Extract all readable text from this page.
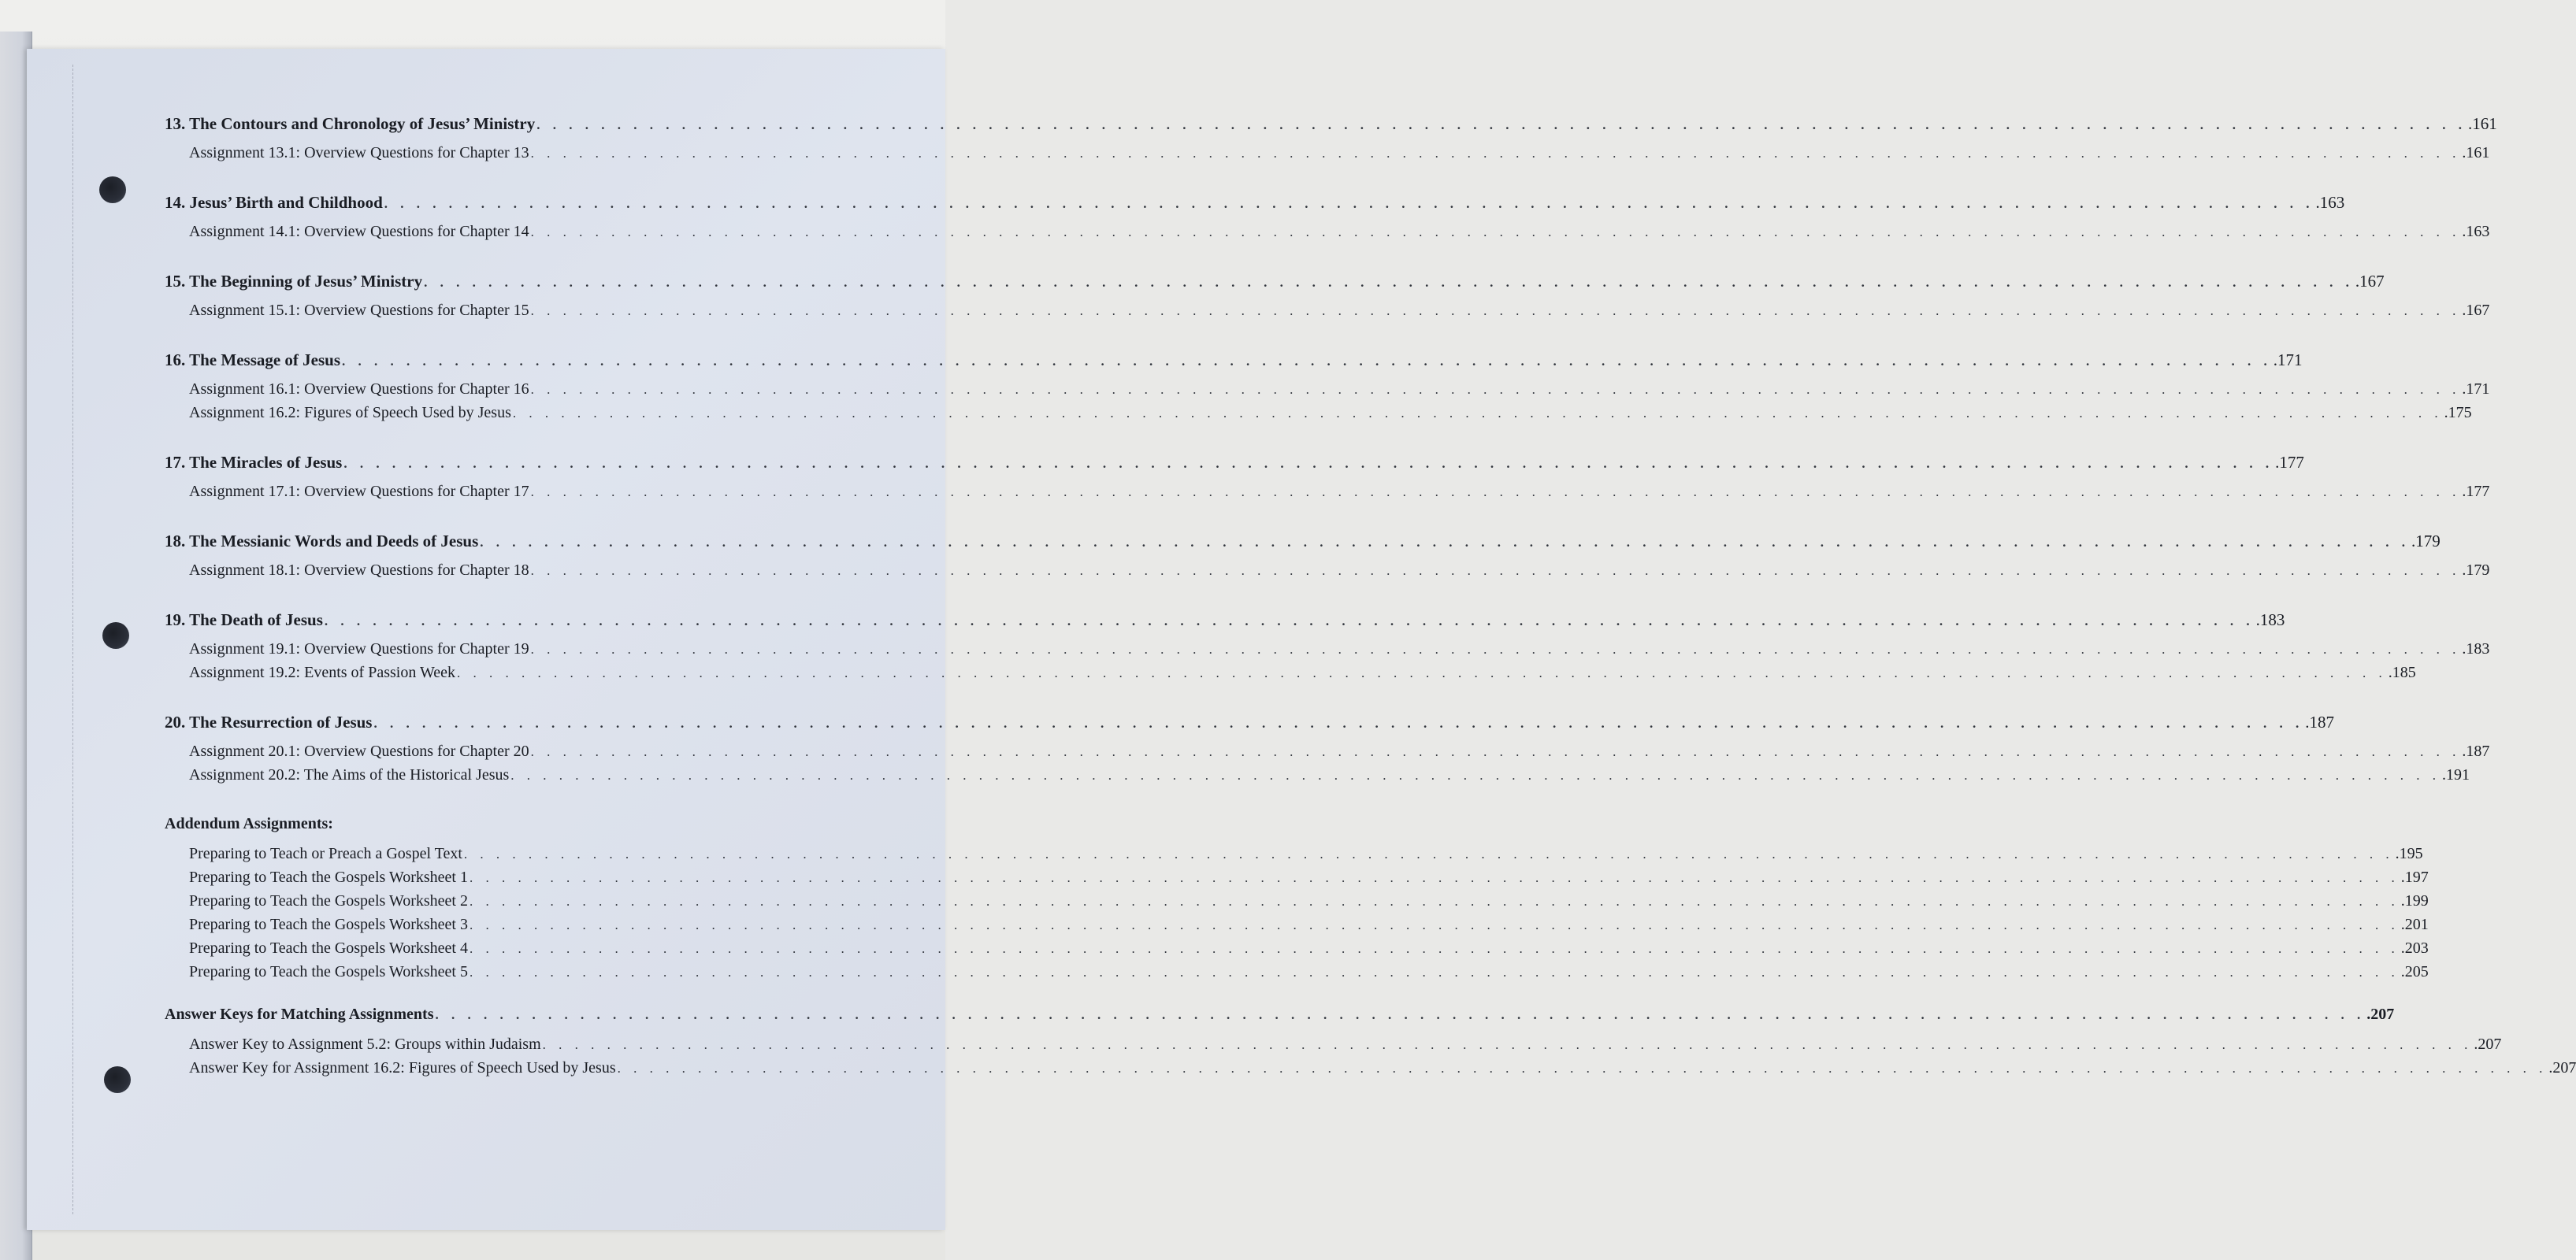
13. The Contours and Chronology of Jesus’ Ministry . . . . . . . . . . . . . . . . . . . . . . . . . . . . . . . . . . . . . . . . . . . . . . . . . . . . . . . . . . . . . . . . . . . . . . . . . . . . . . . . . . . . . . . . . . . . . . . . . . . . . . . . . . . . . . . . . . . . . . . . .161
Assignment 13.1: Overview Questions for Chapter 13 . . . . . . . . . . . . . . . . . . . . . . . . . . . . . . . . . . . . . . . . . . . . . . . . . . . . . . . . . . . . . . . . . . . . . . . . . . . . . . . . . . . . . . . . . . . . . . . . . . . . . . . . . . . . . . . . . . . . . . . . .161
14. Jesus’ Birth and Childhood . . . . . . . . . . . . . . . . . . . . . . . . . . . . . . . . . . . . . . . . . . . . . . . . . . . . . . . . . . . . . . . . . . . . . . . . . . . . . . . . . . . . . . . . . . . . . . . . . . . . . . . . . . . . . . . . . . . . . . . . .163
Assignment 14.1: Overview Questions for Chapter 14 . . . . . . . . . . . . . . . . . . . . . . . . . . . . . . . . . . . . . . . . . . . . . . . . . . . . . . . . . . . . . . . . . . . . . . . . . . . . . . . . . . . . . . . . . . . . . . . . . . . . . . . . . . . . . . . . . . . . . . . . .163
15. The Beginning of Jesus’ Ministry . . . . . . . . . . . . . . . . . . . . . . . . . . . . . . . . . . . . . . . . . . . . . . . . . . . . . . . . . . . . . . . . . . . . . . . . . . . . . . . . . . . . . . . . . . . . . . . . . . . . . . . . . . . . . . . . . . . . . . . . .167
Assignment 15.1: Overview Questions for Chapter 15 . . . . . . . . . . . . . . . . . . . . . . . . . . . . . . . . . . . . . . . . . . . . . . . . . . . . . . . . . . . . . . . . . . . . . . . . . . . . . . . . . . . . . . . . . . . . . . . . . . . . . . . . . . . . . . . . . . . . . . . . .167
16. The Message of Jesus . . . . . . . . . . . . . . . . . . . . . . . . . . . . . . . . . . . . . . . . . . . . . . . . . . . . . . . . . . . . . . . . . . . . . . . . . . . . . . . . . . . . . . . . . . . . . . . . . . . . . . . . . . . . . . . . . . . . . . . . .171
Assignment 16.1: Overview Questions for Chapter 16 . . . . . . . . . . . . . . . . . . . . . . . . . . . . . . . . . . . . . . . . . . . . . . . . . . . . . . . . . . . . . . . . . . . . . . . . . . . . . . . . . . . . . . . . . . . . . . . . . . . . . . . . . . . . . . . . . . . . . . . . .171
Assignment 16.2: Figures of Speech Used by Jesus . . . . . . . . . . . . . . . . . . . . . . . . . . . . . . . . . . . . . . . . . . . . . . . . . . . . . . . . . . . . . . . . . . . . . . . . . . . . . . . . . . . . . . . . . . . . . . . . . . . . . . . . . . . . . . . . . . . . . . . . .175
17. The Miracles of Jesus . . . . . . . . . . . . . . . . . . . . . . . . . . . . . . . . . . . . . . . . . . . . . . . . . . . . . . . . . . . . . . . . . . . . . . . . . . . . . . . . . . . . . . . . . . . . . . . . . . . . . . . . . . . . . . . . . . . . . . . . .177
Assignment 17.1: Overview Questions for Chapter 17 . . . . . . . . . . . . . . . . . . . . . . . . . . . . . . . . . . . . . . . . . . . . . . . . . . . . . . . . . . . . . . . . . . . . . . . . . . . . . . . . . . . . . . . . . . . . . . . . . . . . . . . . . . . . . . . . . . . . . . . . .177
18. The Messianic Words and Deeds of Jesus . . . . . . . . . . . . . . . . . . . . . . . . . . . . . . . . . . . . . . . . . . . . . . . . . . . . . . . . . . . . . . . . . . . . . . . . . . . . . . . . . . . . . . . . . . . . . . . . . . . . . . . . . . . . . . . . . . . . . . . . .179
Assignment 18.1: Overview Questions for Chapter 18 . . . . . . . . . . . . . . . . . . . . . . . . . . . . . . . . . . . . . . . . . . . . . . . . . . . . . . . . . . . . . . . . . . . . . . . . . . . . . . . . . . . . . . . . . . . . . . . . . . . . . . . . . . . . . . . . . . . . . . . . .179
19. The Death of Jesus . . . . . . . . . . . . . . . . . . . . . . . . . . . . . . . . . . . . . . . . . . . . . . . . . . . . . . . . . . . . . . . . . . . . . . . . . . . . . . . . . . . . . . . . . . . . . . . . . . . . . . . . . . . . . . . . . . . . . . . . .183
Assignment 19.1: Overview Questions for Chapter 19 . . . . . . . . . . . . . . . . . . . . . . . . . . . . . . . . . . . . . . . . . . . . . . . . . . . . . . . . . . . . . . . . . . . . . . . . . . . . . . . . . . . . . . . . . . . . . . . . . . . . . . . . . . . . . . . . . . . . . . . . .183
Assignment 19.2: Events of Passion Week . . . . . . . . . . . . . . . . . . . . . . . . . . . . . . . . . . . . . . . . . . . . . . . . . . . . . . . . . . . . . . . . . . . . . . . . . . . . . . . . . . . . . . . . . . . . . . . . . . . . . . . . . . . . . . . . . . . . . . . . .185
20. The Resurrection of Jesus . . . . . . . . . . . . . . . . . . . . . . . . . . . . . . . . . . . . . . . . . . . . . . . . . . . . . . . . . . . . . . . . . . . . . . . . . . . . . . . . . . . . . . . . . . . . . . . . . . . . . . . . . . . . . . . . . . . . . . . . .187
Assignment 20.1: Overview Questions for Chapter 20 . . . . . . . . . . . . . . . . . . . . . . . . . . . . . . . . . . . . . . . . . . . . . . . . . . . . . . . . . . . . . . . . . . . . . . . . . . . . . . . . . . . . . . . . . . . . . . . . . . . . . . . . . . . . . . . . . . . . . . . . .187
Assignment 20.2: The Aims of the Historical Jesus . . . . . . . . . . . . . . . . . . . . . . . . . . . . . . . . . . . . . . . . . . . . . . . . . . . . . . . . . . . . . . . . . . . . . . . . . . . . . . . . . . . . . . . . . . . . . . . . . . . . . . . . . . . . . . . . . . . . . . . . .191
Addendum Assignments:
Preparing to Teach or Preach a Gospel Text . . . . . . . . . . . . . . . . . . . . . . . . . . . . . . . . . . . . . . . . . . . . . . . . . . . . . . . . . . . . . . . . . . . . . . . . . . . . . . . . . . . . . . . . . . . . . . . . . . . . . . . . . . . . . . . . . . . . . . . . .195
Preparing to Teach the Gospels Worksheet 1 . . . . . . . . . . . . . . . . . . . . . . . . . . . . . . . . . . . . . . . . . . . . . . . . . . . . . . . . . . . . . . . . . . . . . . . . . . . . . . . . . . . . . . . . . . . . . . . . . . . . . . . . . . . . . . . . . . . . . . . . .197
Preparing to Teach the Gospels Worksheet 2 . . . . . . . . . . . . . . . . . . . . . . . . . . . . . . . . . . . . . . . . . . . . . . . . . . . . . . . . . . . . . . . . . . . . . . . . . . . . . . . . . . . . . . . . . . . . . . . . . . . . . . . . . . . . . . . . . . . . . . . . .199
Preparing to Teach the Gospels Worksheet 3 . . . . . . . . . . . . . . . . . . . . . . . . . . . . . . . . . . . . . . . . . . . . . . . . . . . . . . . . . . . . . . . . . . . . . . . . . . . . . . . . . . . . . . . . . . . . . . . . . . . . . . . . . . . . . . . . . . . . . . . . .201
Preparing to Teach the Gospels Worksheet 4 . . . . . . . . . . . . . . . . . . . . . . . . . . . . . . . . . . . . . . . . . . . . . . . . . . . . . . . . . . . . . . . . . . . . . . . . . . . . . . . . . . . . . . . . . . . . . . . . . . . . . . . . . . . . . . . . . . . . . . . . .203
Preparing to Teach the Gospels Worksheet 5 . . . . . . . . . . . . . . . . . . . . . . . . . . . . . . . . . . . . . . . . . . . . . . . . . . . . . . . . . . . . . . . . . . . . . . . . . . . . . . . . . . . . . . . . . . . . . . . . . . . . . . . . . . . . . . . . . . . . . . . . .205
Answer Keys for Matching Assignments . . . . . . . . . . . . . . . . . . . . . . . . . . . . . . . . . . . . . . . . . . . . . . . . . . . . . . . . . . . . . . . . . . . . . . . . . . . . . . . . . . . . . . . . . . . . . . . . . . . . . . . . . . . . . . . . . . . . . . . . .207
Answer Key to Assignment 5.2: Groups within Judaism . . . . . . . . . . . . . . . . . . . . . . . . . . . . . . . . . . . . . . . . . . . . . . . . . . . . . . . . . . . . . . . . . . . . . . . . . . . . . . . . . . . . . . . . . . . . . . . . . . . . . . . . . . . . . . . . . . . . . . . . .207
Answer Key for Assignment 16.2: Figures of Speech Used by Jesus . . . . . . . . . . . . . . . . . . . . . . . . . . . . . . . . . . . . . . . . . . . . . . . . . . . . . . . . . . . . . . . . . . . . . . . . . . . . . . . . . . . . . . . . . . . . . . . . . . . . . . . . . . . . . . . . . . . . . . . . .207
